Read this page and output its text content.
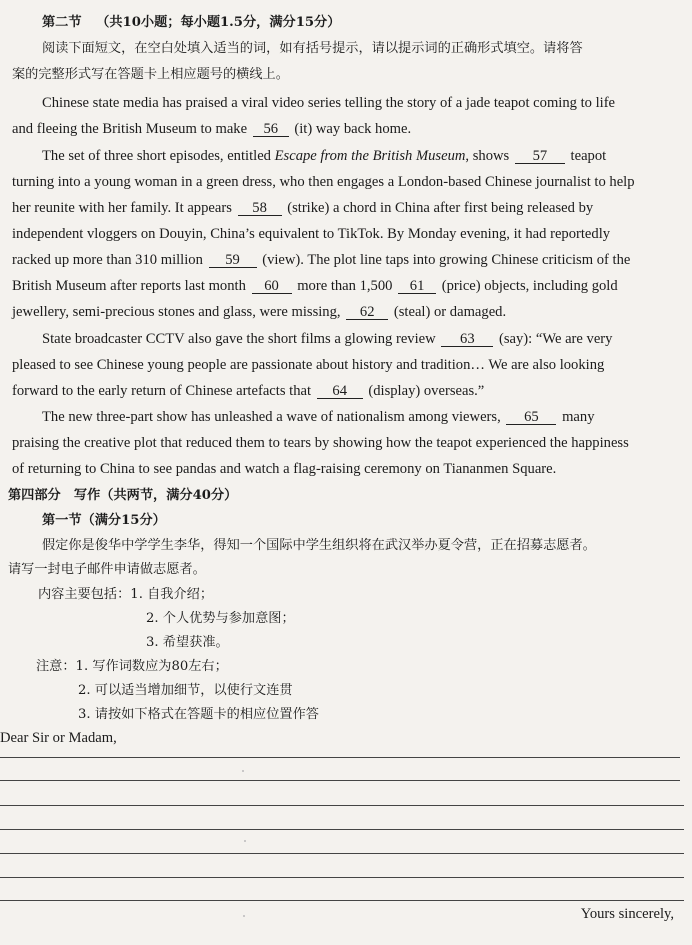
第二节 （共10小题；每小题1.5分，满分15分）
阅读下面短文，在空白处填入适当的词，如有括号提示，请以提示词的正确形式填空。请将答
案的完整形式写在答题卡上相应题号的横线上。
Chinese state media has praised a viral video series telling the story of a jade teapot coming to life
and fleeing the British Museum to make 56 (it) way back home.
The set of three short episodes, entitled Escape from the British Museum, shows 57 teapot
turning into a young woman in a green dress, who then engages a London-based Chinese journalist to help
her reunite with her family. It appears 58 (strike) a chord in China after first being released by
independent vloggers on Douyin, China’s equivalent to TikTok. By Monday evening, it had reportedly
racked up more than 310 million 59 (view). The plot line taps into growing Chinese criticism of the
British Museum after reports last month 60 more than 1,500 61 (price) objects, including gold
jewellery, semi-precious stones and glass, were missing, 62 (steal) or damaged.
State broadcaster CCTV also gave the short films a glowing review 63 (say): “We are very
pleased to see Chinese young people are passionate about history and tradition… We are also looking
forward to the early return of Chinese artefacts that 64 (display) overseas.”
The new three-part show has unleashed a wave of nationalism among viewers, 65 many
praising the creative plot that reduced them to tears by showing how the teapot experienced the happiness
of returning to China to see pandas and watch a flag-raising ceremony on Tiananmen Square.
第四部分　写作（共两节，满分40分）
第一节（满分15分）
假定你是俊华中学学生李华，得知一个国际中学生组织将在武汉举办夏令营，正在招募志愿者。
请写一封电子邮件申请做志愿者。
内容主要包括：1. 自我介绍；
2. 个人优势与参加意图；
3. 希望获准。
注意：1. 写作词数应为80左右；
2. 可以适当增加细节，以使行文连贯
3. 请按如下格式在答题卡的相应位置作答
Dear Sir or Madam,
Yours sincerely,
